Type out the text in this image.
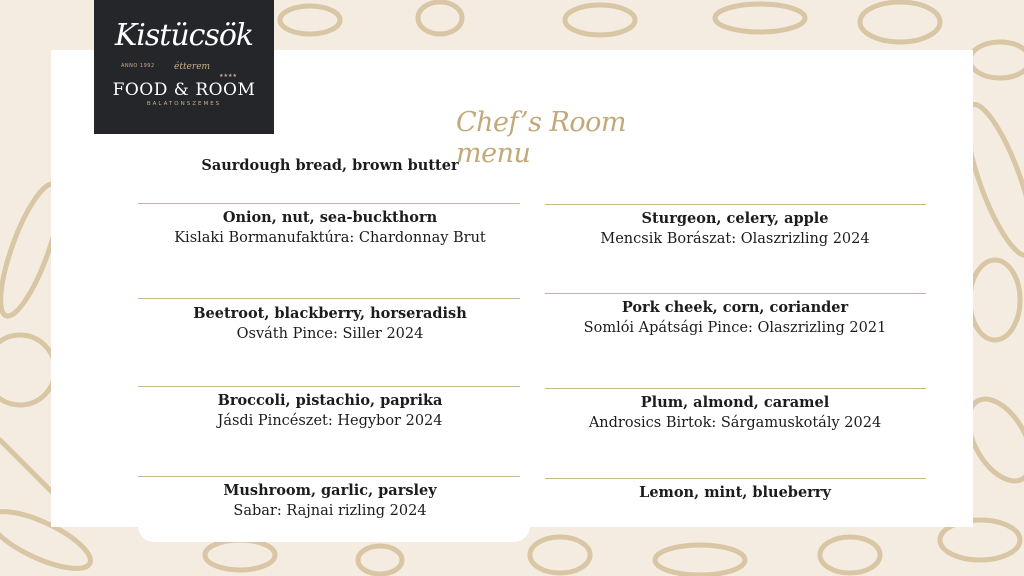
Kistücsök
ANNO 1992 étterem
★★★★
FOOD & ROOM
BALATONSZEMES
Chef’s Room menu
Saurdough bread, brown butter
Onion, nut, sea-buckthorn
Kislaki Bormanufaktúra: Chardonnay Brut
Beetroot, blackberry, horseradish
Osváth Pince: Siller 2024
Broccoli, pistachio, paprika
Jásdi Pincészet: Hegybor 2024
Mushroom, garlic, parsley
Sabar: Rajnai rizling 2024
Sturgeon, celery, apple
Mencsik Borászat: Olaszrizling 2024
Pork cheek, corn, coriander
Somlói Apátsági Pince: Olaszrizling 2021
Plum, almond, caramel
Androsics Birtok: Sárgamuskotály 2024
Lemon, mint, blueberry
